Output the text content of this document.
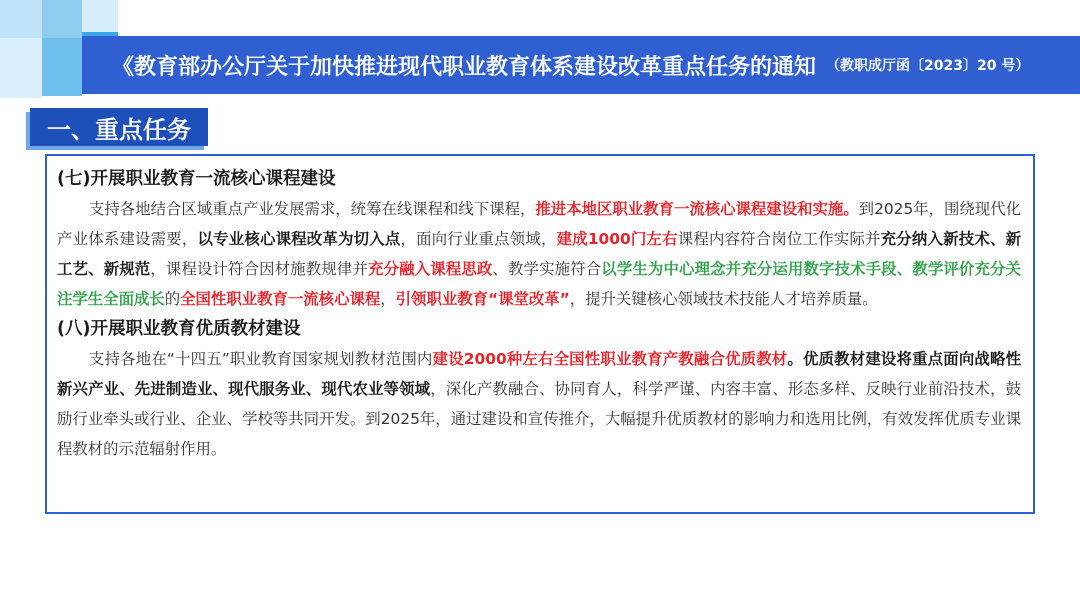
《教育部办公厅关于加快推进现代职业教育体系建设改革重点任务的通知 （教职成厅函〔2023〕20 号）
一、重点任务
(七)开展职业教育一流核心课程建设

支持各地结合区域重点产业发展需求，统筹在线课程和线下课程，推进本地区职业教育一流核心课程建设和实施。到2025年，围绕现代化产业体系建设需要，以专业核心课程改革为切入点，面向行业重点领域，建成1000门左右课程内容符合岗位工作实际并充分纳入新技术、新工艺、新规范，课程设计符合因材施教规律并充分融入课程思政、教学实施符合以学生为中心理念并充分运用数字技术手段、教学评价充分关注学生全面成长的全国性职业教育一流核心课程，引领职业教育“课堂改革”，提升关键核心领域技术技能人才培养质量。

(八)开展职业教育优质教材建设

支持各地在“十四五”职业教育国家规划教材范围内建设2000种左右全国性职业教育产教融合优质教材。优质教材建设将重点面向战略性新兴产业、先进制造业、现代服务业、现代农业等领域，深化产教融合、协同育人，科学严谨、内容丰富、形态多样、反映行业前沿技术，鼓励行业牵头或行业、企业、学校等共同开发。到2025年，通过建设和宣传推介，大幅提升优质教材的影响力和选用比例，有效发挥优质专业课程教材的示范辐射作用。
